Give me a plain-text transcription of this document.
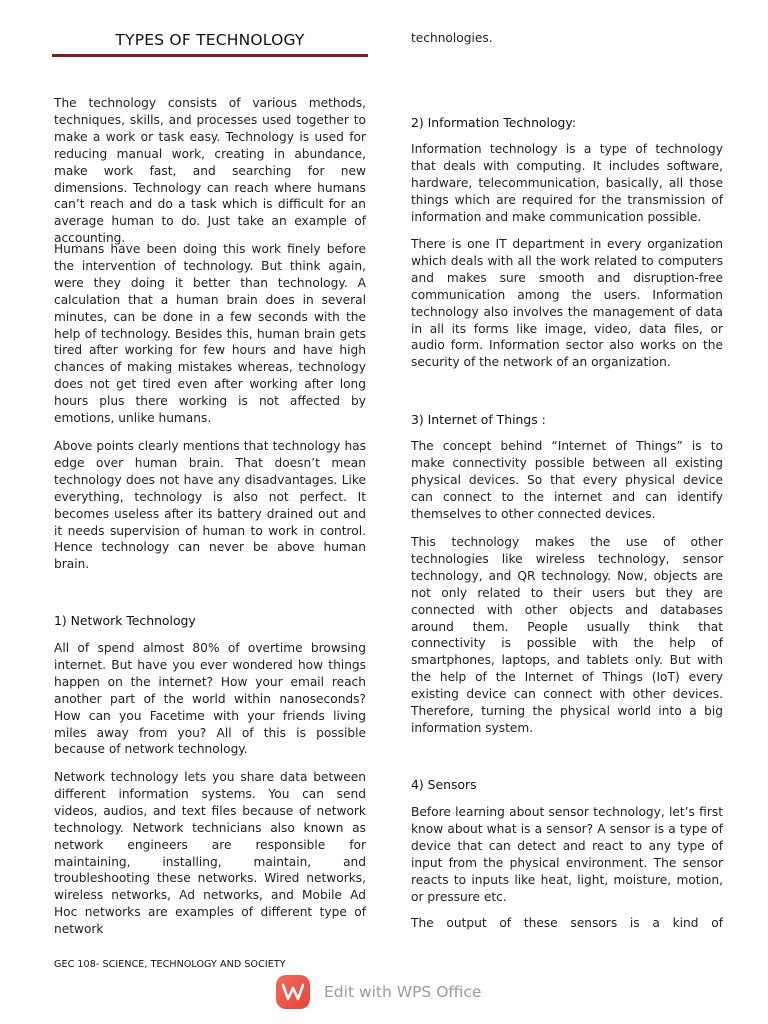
TYPES OF TECHNOLOGY

The technology consists of various methods, techniques, skills, and processes used together to make a work or task easy. Technology is used for reducing manual work, creating in abundance, make work fast, and searching for new dimensions. Technology can reach where humans can’t reach and do a task which is difficult for an average human to do. Just take an example of accounting.

Humans have been doing this work finely before the intervention of technology. But think again, were they doing it better than technology. A calculation that a human brain does in several minutes, can be done in a few seconds with the help of technology. Besides this, human brain gets tired after working for few hours and have high chances of making mistakes whereas, technology does not get tired even after working after long hours plus there working is not affected by emotions, unlike humans.

Above points clearly mentions that technology has edge over human brain. That doesn’t mean technology does not have any disadvantages. Like everything, technology is also not perfect. It becomes useless after its battery drained out and it needs supervision of human to work in control. Hence technology can never be above human brain.

1) Network Technology

All of spend almost 80% of overtime browsing internet. But have you ever wondered how things happen on the internet? How your email reach another part of the world within nanoseconds? How can you Facetime with your friends living miles away from you? All of this is possible because of network technology.

Network technology lets you share data between different information systems. You can send videos, audios, and text files because of network technology. Network technicians also known as network engineers are responsible for maintaining, installing, maintain, and troubleshooting these networks. Wired networks, wireless networks, Ad networks, and Mobile Ad Hoc networks are examples of different type of network

technologies.

2) Information Technology:

Information technology is a type of technology that deals with computing. It includes software, hardware, telecommunication, basically, all those things which are required for the transmission of information and make communication possible.

There is one IT department in every organization which deals with all the work related to computers and makes sure smooth and disruption-free communication among the users. Information technology also involves the management of data in all its forms like image, video, data files, or audio form. Information sector also works on the security of the network of an organization.

3) Internet of Things :

The concept behind “Internet of Things” is to make connectivity possible between all existing physical devices. So that every physical device can connect to the internet and can identify themselves to other connected devices.

This technology makes the use of other technologies like wireless technology, sensor technology, and QR technology. Now, objects are not only related to their users but they are connected with other objects and databases around them. People usually think that connectivity is possible with the help of smartphones, laptops, and tablets only. But with the help of the Internet of Things (IoT) every existing device can connect with other devices. Therefore, turning the physical world into a big information system.

4) Sensors

Before learning about sensor technology, let’s first know about what is a sensor? A sensor is a type of device that can detect and react to any type of input from the physical environment. The sensor reacts to inputs like heat, light, moisture, motion, or pressure etc.

The output of these sensors is a kind of

GEC 108- SCIENCE, TECHNOLOGY AND SOCIETY
Edit with WPS Office
